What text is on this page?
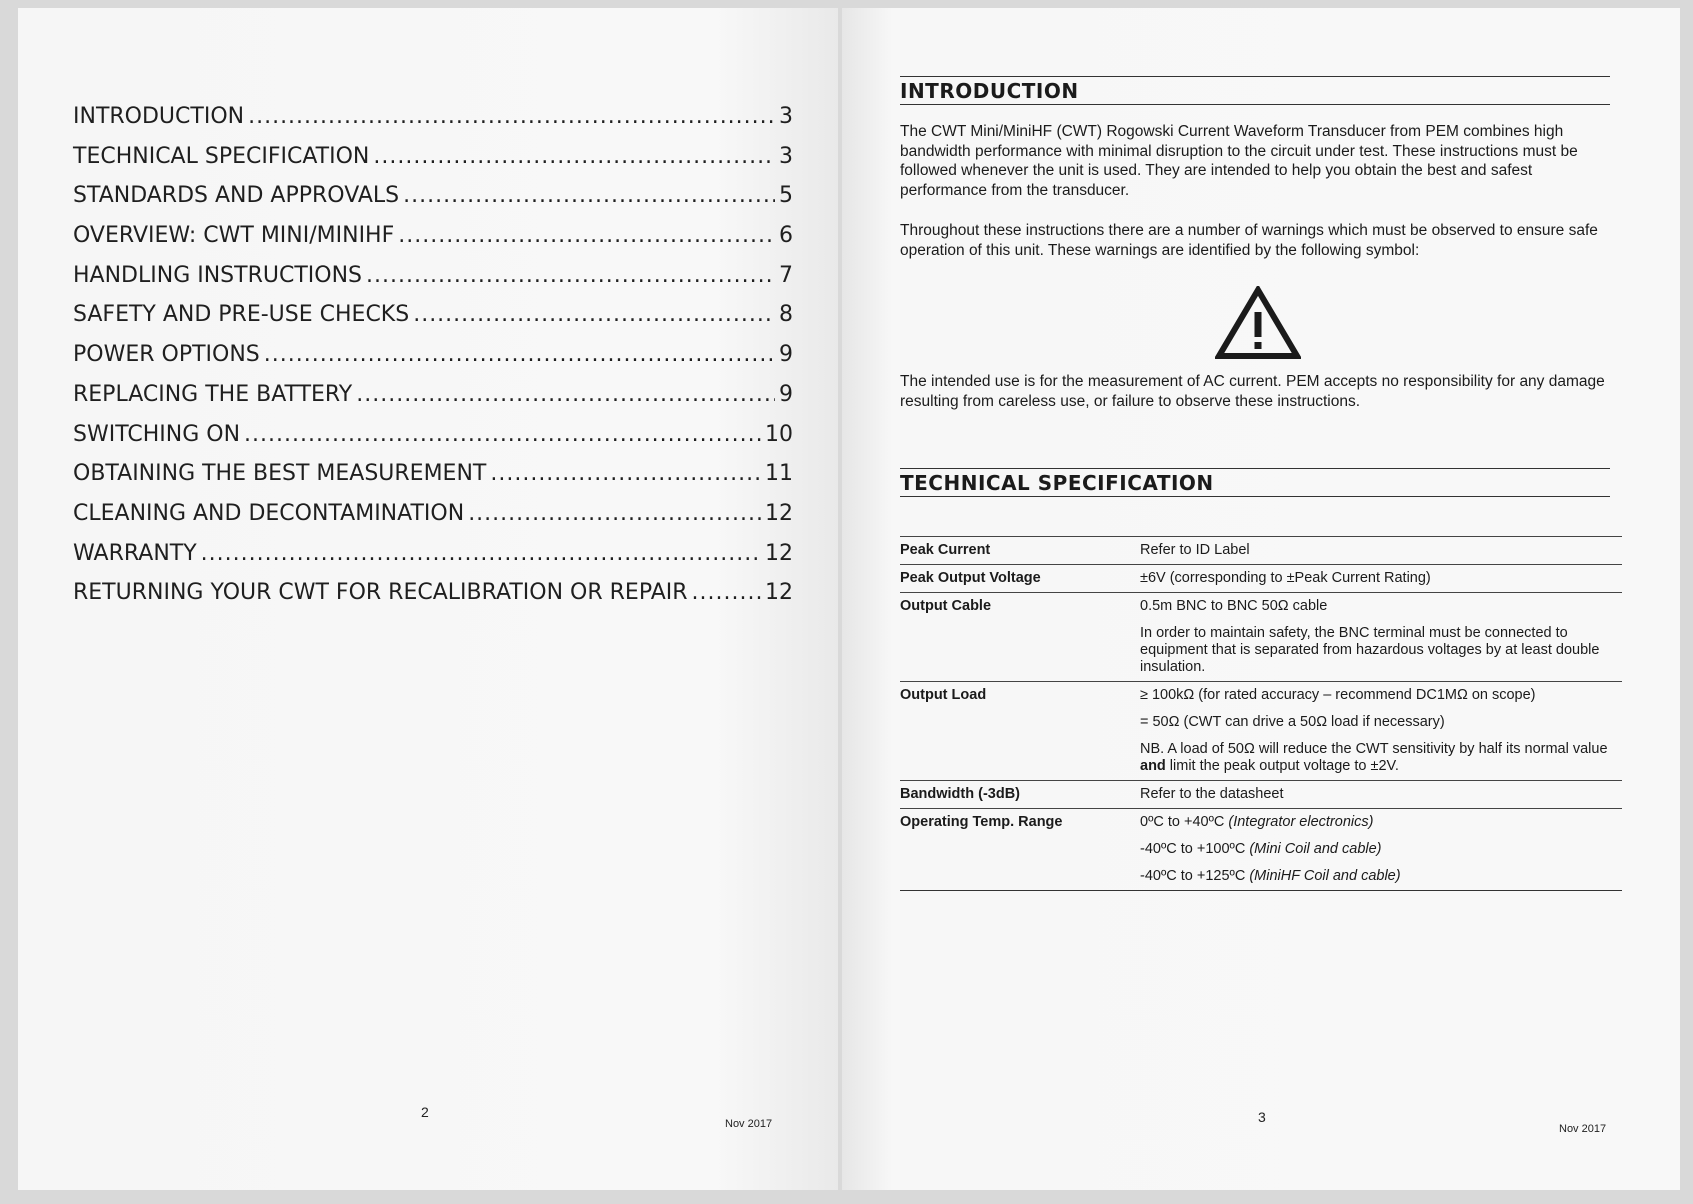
INTRODUCTION .....	3
TECHNICAL SPECIFICATION .....	3
STANDARDS AND APPROVALS .....	5
OVERVIEW: CWT MINI/MINIHF .....	6
HANDLING INSTRUCTIONS .....	7
SAFETY AND PRE-USE CHECKS .....	8
POWER OPTIONS .....	9
REPLACING THE BATTERY .....	9
SWITCHING ON .....	10
OBTAINING THE BEST MEASUREMENT .....	11
CLEANING AND DECONTAMINATION .....	12
WARRANTY .....	12
RETURNING YOUR CWT FOR RECALIBRATION OR REPAIR .....	12
2
Nov 2017
INTRODUCTION

The CWT Mini/MiniHF (CWT) Rogowski Current Waveform Transducer from PEM combines high bandwidth performance with minimal disruption to the circuit under test. These instructions must be followed whenever the unit is used. They are intended to help you obtain the best and safest performance from the transducer.

Throughout these instructions there are a number of warnings which must be observed to ensure safe operation of this unit. These warnings are identified by the following symbol:

The intended use is for the measurement of AC current. PEM accepts no responsibility for any damage resulting from careless use, or failure to observe these instructions.

TECHNICAL SPECIFICATION
Peak Current	Refer to ID Label

Peak Output Voltage	±6V (corresponding to ±Peak Current Rating)

Output Cable	0.5m BNC to BNC 50Ω cable

In order to maintain safety, the BNC terminal must be connected to equipment that is separated from hazardous voltages by at least double insulation.

Output Load	≥ 100kΩ (for rated accuracy – recommend DC1MΩ on scope)

= 50Ω (CWT can drive a 50Ω load if necessary)

NB. A load of 50Ω will reduce the CWT sensitivity by half its normal value and limit the peak output voltage to ±2V.

Bandwidth (-3dB)	Refer to the datasheet

Operating Temp. Range	0ºC to +40ºC (Integrator electronics)

-40ºC to +100ºC (Mini Coil and cable)

-40ºC to +125ºC (MiniHF Coil and cable)

3
Nov 2017
